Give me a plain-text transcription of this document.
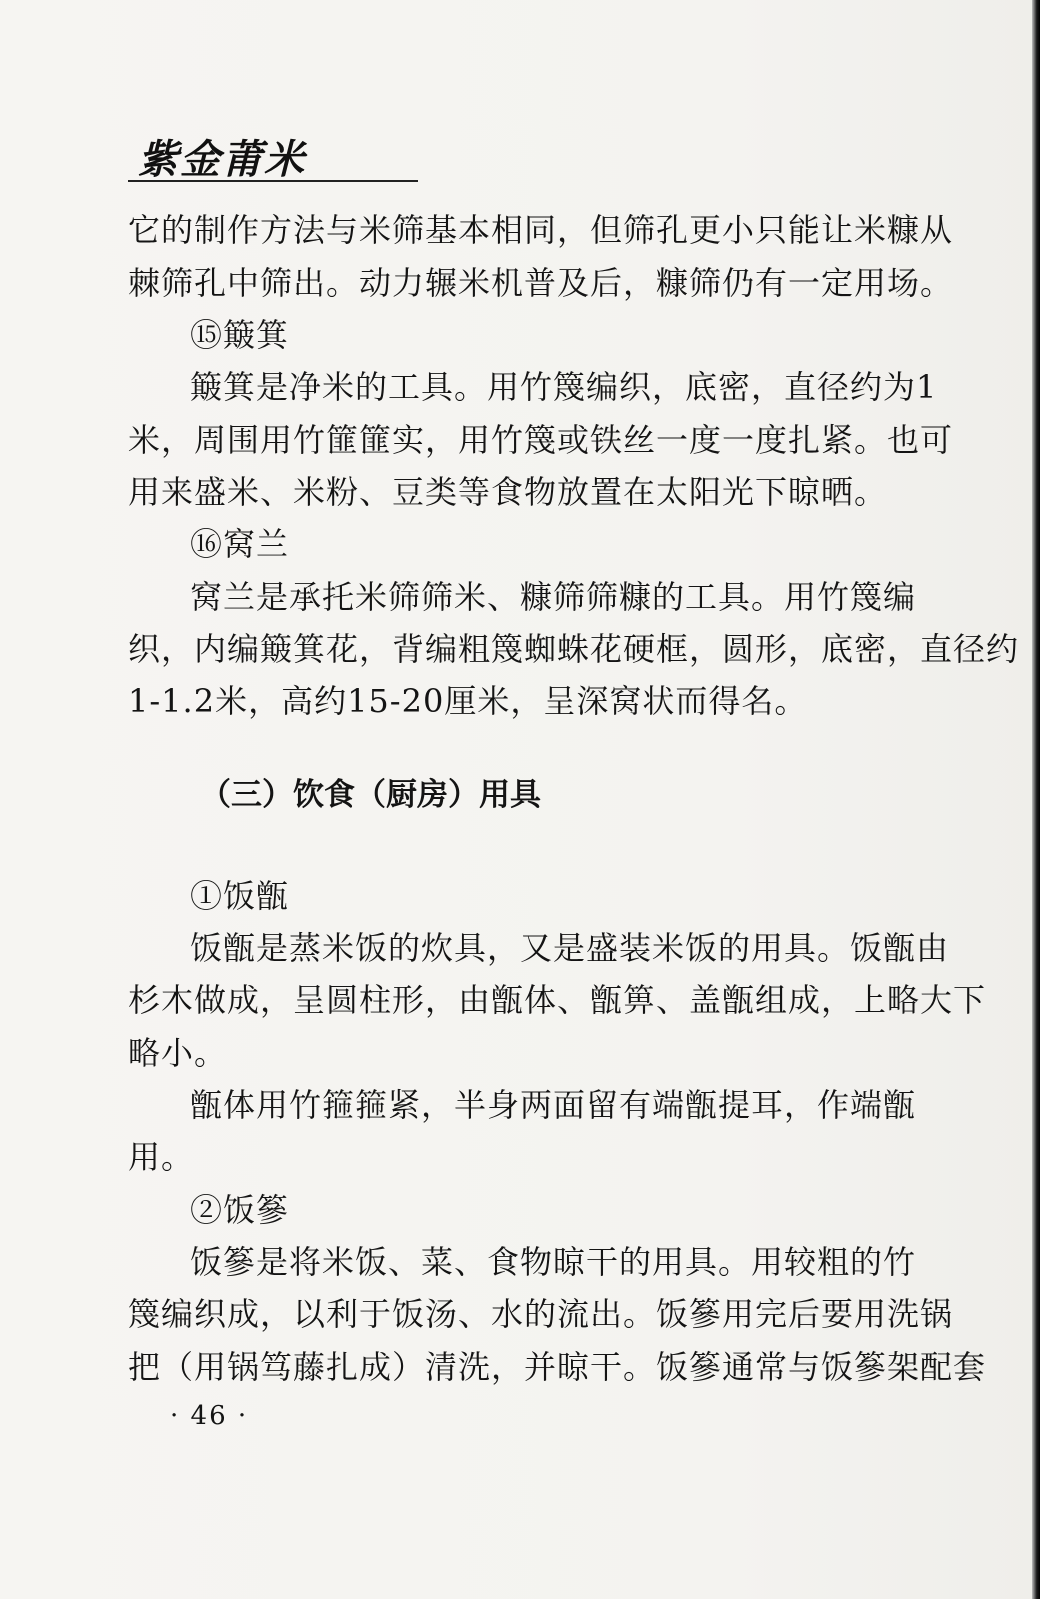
紫金莆米
它的制作方法与米筛基本相同，但筛孔更小只能让米糠从
棘筛孔中筛出。动力辗米机普及后，糠筛仍有一定用场。
⑮簸箕
簸箕是净米的工具。用竹篾编织，底密，直径约为1
米，周围用竹篚篚实，用竹篾或铁丝一度一度扎紧。也可
用来盛米、米粉、豆类等食物放置在太阳光下晾晒。
⑯窝兰
窝兰是承托米筛筛米、糠筛筛糠的工具。用竹篾编
织，内编簸箕花，背编粗篾蜘蛛花硬框，圆形，底密，直径约
1-1.2米，高约15-20厘米，呈深窝状而得名。
（三）饮食（厨房）用具
①饭甑
饭甑是蒸米饭的炊具，又是盛装米饭的用具。饭甑由
杉木做成，呈圆柱形，由甑体、甑箅、盖甑组成，上略大下
略小。
甑体用竹箍箍紧，半身两面留有端甑提耳，作端甑
用。
②饭篸
饭篸是将米饭、菜、食物晾干的用具。用较粗的竹
篾编织成，以利于饭汤、水的流出。饭篸用完后要用洗锅
把（用锅笃藤扎成）清洗，并晾干。饭篸通常与饭篸架配套
· 46 ·
